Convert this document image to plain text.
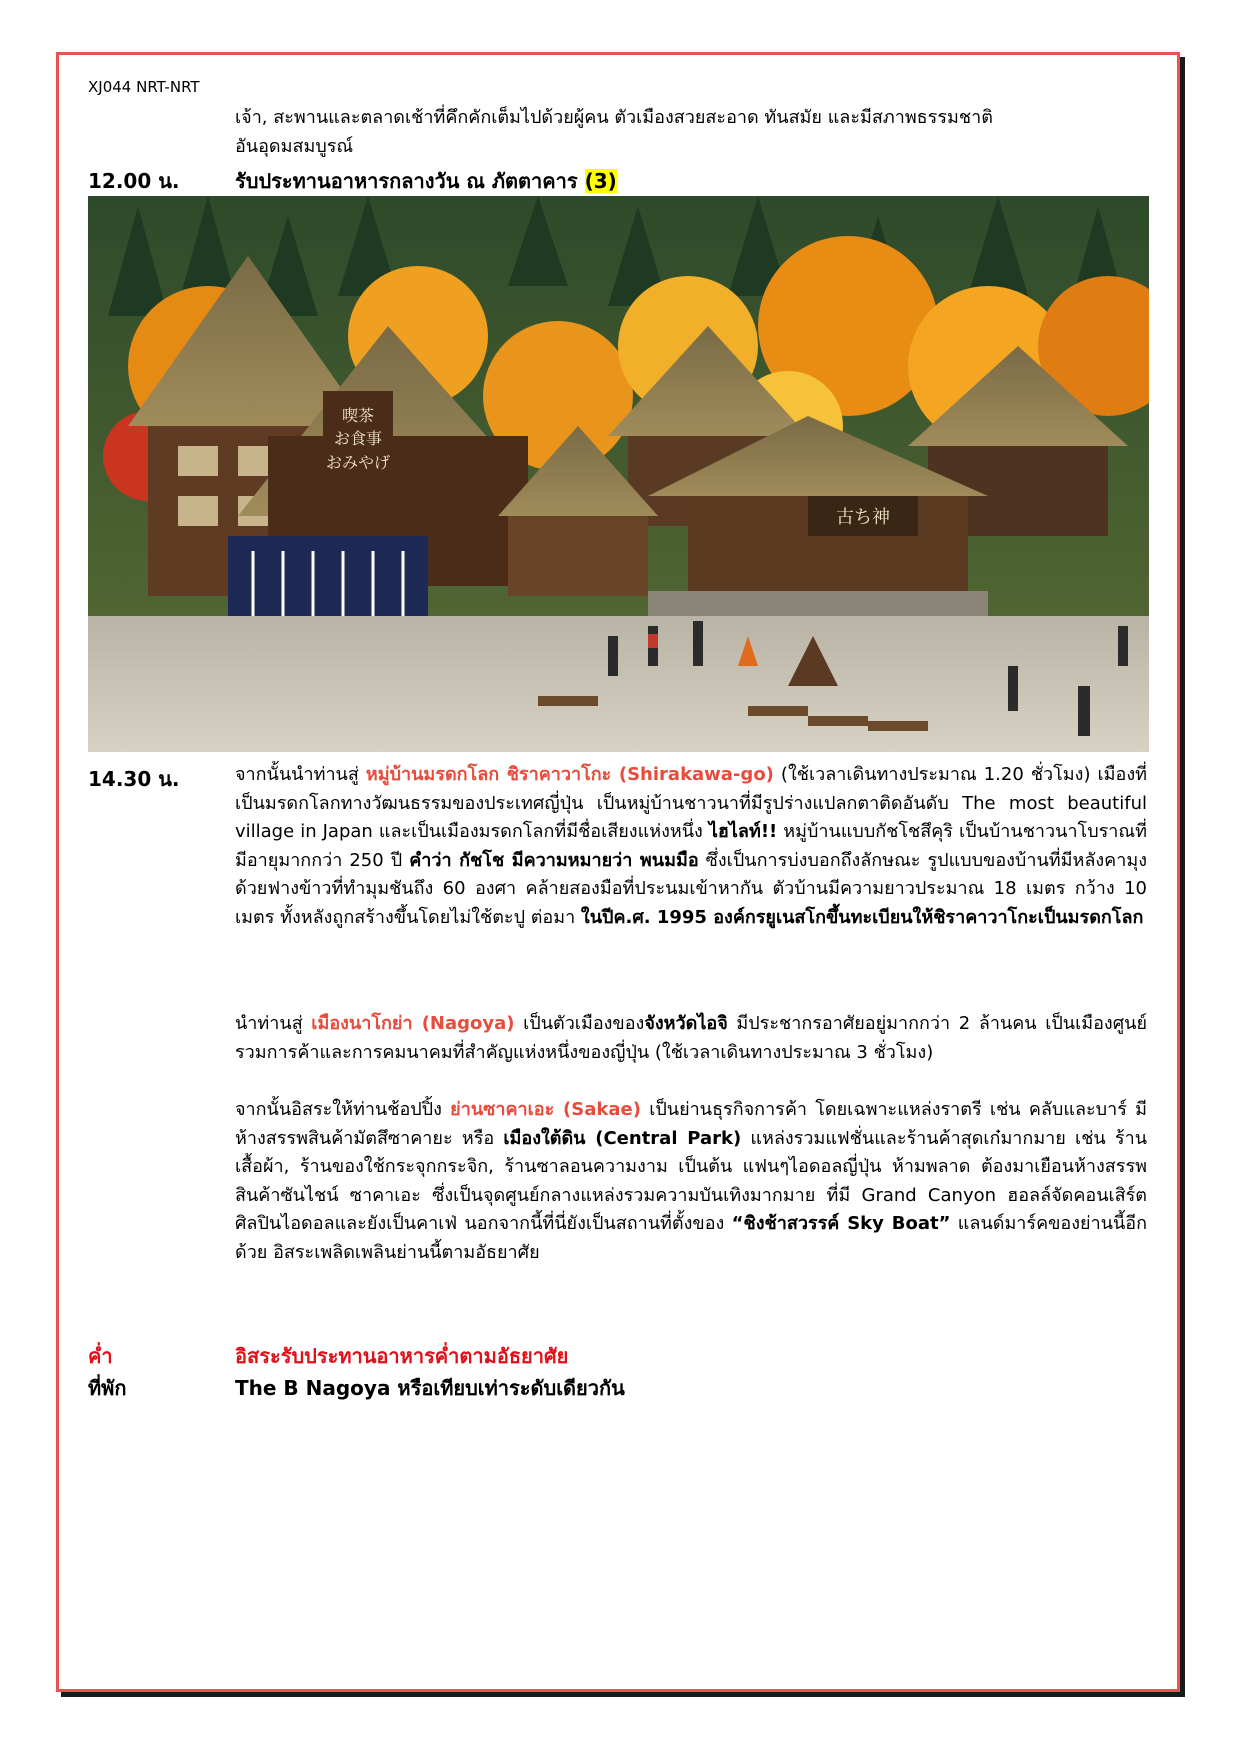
XJ044 NRT-NRT

เจ้า, สะพานและตลาดเช้าที่คึกคักเต็มไปด้วยผู้คน ตัวเมืองสวยสะอาด ทันสมัย และมีสภาพธรรมชาติ
อันอุดมสมบูรณ์

12.00 น.	รับประทานอาหารกลางวัน ณ ภัตตาคาร (3)
喫茶
お食事
おみやげ
古ち神
14.30 น.	จากนั้นนำท่านสู่ หมู่บ้านมรดกโลก ชิราคาวาโกะ (Shirakawa-go) (ใช้เวลาเดินทางประมาณ 1.20 ชั่วโมง) เมืองที่เป็นมรดกโลกทางวัฒนธรรมของประเทศญี่ปุ่น เป็นหมู่บ้านชาวนาที่มีรูปร่างแปลกตาติดอันดับ The most beautiful village in Japan และเป็นเมืองมรดกโลกที่มีชื่อเสียงแห่งหนึ่ง ไฮไลท์!! หมู่บ้านแบบกัชโชสึคุริ เป็นบ้านชาวนาโบราณที่มีอายุมากกว่า 250 ปี คำว่า กัชโช มีความหมายว่า พนมมือ ซึ่งเป็นการบ่งบอกถึงลักษณะ รูปแบบของบ้านที่มีหลังคามุงด้วยฟางข้าวที่ทำมุมชันถึง 60 องศา คล้ายสองมือที่ประนมเข้าหากัน ตัวบ้านมีความยาวประมาณ 18 เมตร กว้าง 10 เมตร ทั้งหลังถูกสร้างขึ้นโดยไม่ใช้ตะปู ต่อมา ในปีค.ศ. 1995 องค์กรยูเนสโกขึ้นทะเบียนให้ชิราคาวาโกะเป็นมรดกโลก

นำท่านสู่ เมืองนาโกย่า (Nagoya) เป็นตัวเมืองของจังหวัดไอจิ มีประชากรอาศัยอยู่มากกว่า 2 ล้านคน เป็นเมืองศูนย์รวมการค้าและการคมนาคมที่สำคัญแห่งหนึ่งของญี่ปุ่น (ใช้เวลาเดินทางประมาณ 3 ชั่วโมง)

จากนั้นอิสระให้ท่านช้อปปิ้ง ย่านซาคาเอะ (Sakae) เป็นย่านธุรกิจการค้า โดยเฉพาะแหล่งราตรี เช่น คลับและบาร์ มีห้างสรรพสินค้ามัตสึซาคายะ หรือ เมืองใต้ดิน (Central Park) แหล่งรวมแฟชั่นและร้านค้าสุดเก๋มากมาย เช่น ร้านเสื้อผ้า, ร้านของใช้กระจุกกระจิก, ร้านซาลอนความงาม เป็นต้น แฟนๆไอดอลญี่ปุ่น ห้ามพลาด ต้องมาเยือนห้างสรรพสินค้าซันไชน์ ซาคาเอะ ซึ่งเป็นจุดศูนย์กลางแหล่งรวมความบันเทิงมากมาย ที่มี Grand Canyon ฮอลล์จัดคอนเสิร์ตศิลปินไอดอลและยังเป็นคาเฟ่ นอกจากนี้ที่นี่ยังเป็นสถานที่ตั้งของ “ชิงช้าสวรรค์ Sky Boat” แลนด์มาร์คของย่านนี้อีกด้วย อิสระเพลิดเพลินย่านนี้ตามอัธยาศัย

ค่ำ	อิสระรับประทานอาหารค่ำตามอัธยาศัย
ที่พัก	The B Nagoya หรือเทียบเท่าระดับเดียวกัน
